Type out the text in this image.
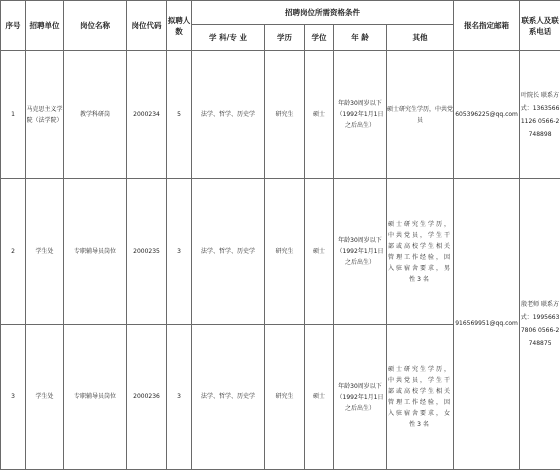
序号	招聘单位	岗位名称	岗位代码	拟聘人数	招聘岗位所需资格条件					报名指定邮箱	联系人及联系电话
					学 科/专 业	学历	学位	年 龄	其他		
1	马克思主义学院（法学院）	教学科研岗	2000234	5	法学、哲学、历史学	研究生	硕士	年龄30周岁以下（1992年1月1日之后出生）	硕士研究生学历，中共党员	605396225@qq.com	叶院长 联系方式：13635661126 0566-2748898
2	学生处	专职辅导员岗位	2000235	3	法学、哲学、历史学	研究生	硕士	年龄30周岁以下（1992年1月1日之后出生）	硕士研究生学历，中共党员，学生干部或高校学生相关管理工作经验，因入驻宿舍要求，男性3名	916569951@qq.com	殷老师 联系方式：19956637806 0566-2748875
3	学生处	专职辅导员岗位	2000236	3	法学、哲学、历史学	研究生	硕士	年龄30周岁以下（1992年1月1日之后出生）	硕士研究生学历，中共党员，学生干部或高校学生相关管理工作经验，因入驻宿舍要求，女性3名		
